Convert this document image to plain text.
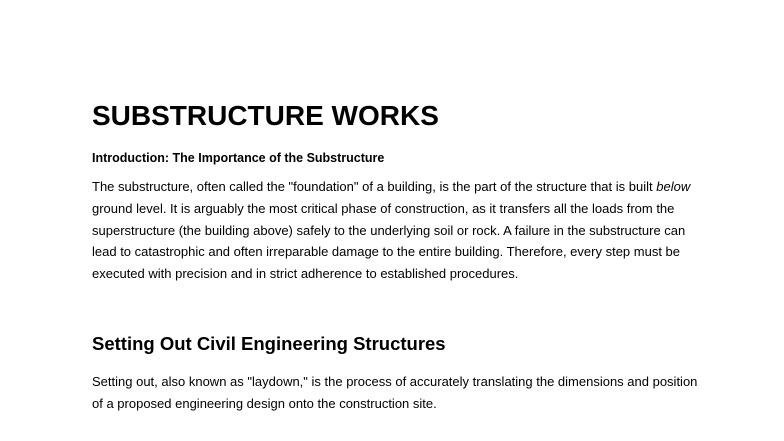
SUBSTRUCTURE WORKS

Introduction: The Importance of the Substructure

The substructure, often called the "foundation" of a building, is the part of the structure that is built below ground level. It is arguably the most critical phase of construction, as it transfers all the loads from the superstructure (the building above) safely to the underlying soil or rock. A failure in the substructure can lead to catastrophic and often irreparable damage to the entire building. Therefore, every step must be executed with precision and in strict adherence to established procedures.

Setting Out Civil Engineering Structures

Setting out, also known as "laydown," is the process of accurately translating the dimensions and position of a proposed engineering design onto the construction site.
